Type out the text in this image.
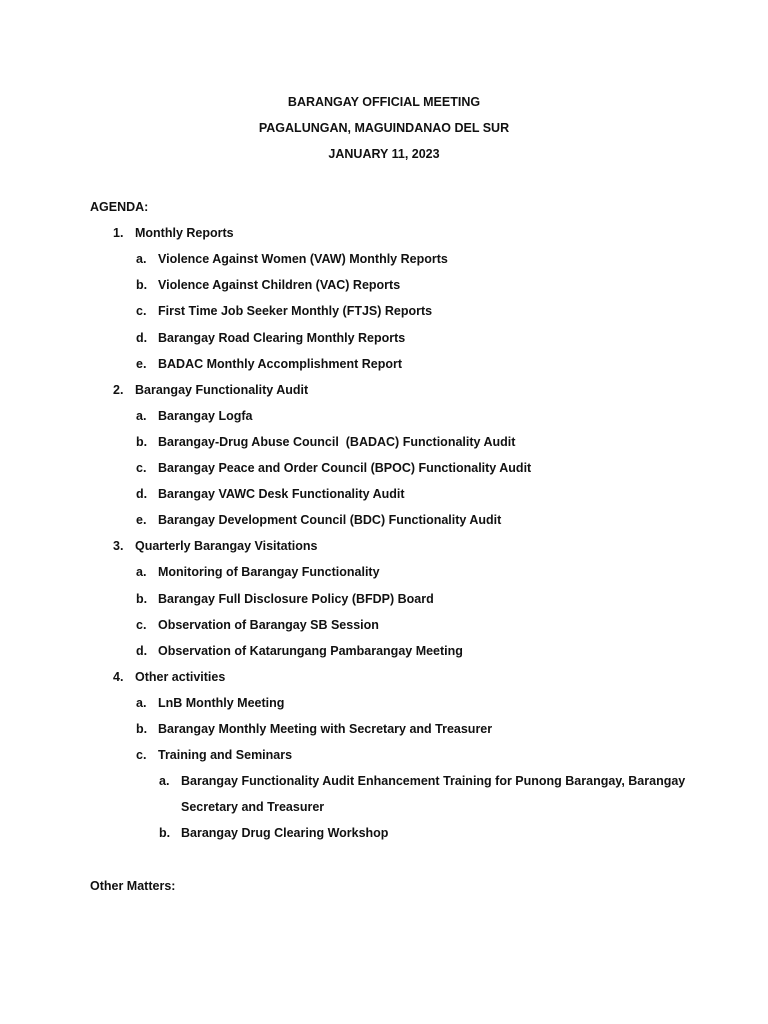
BARANGAY OFFICIAL MEETING
PAGALUNGAN, MAGUINDANAO DEL SUR
JANUARY 11, 2023
AGENDA:
1. Monthly Reports
a. Violence Against Women (VAW) Monthly Reports
b. Violence Against Children (VAC) Reports
c. First Time Job Seeker Monthly (FTJS) Reports
d. Barangay Road Clearing Monthly Reports
e. BADAC Monthly Accomplishment Report
2. Barangay Functionality Audit
a. Barangay Logfa
b. Barangay-Drug Abuse Council  (BADAC) Functionality Audit
c. Barangay Peace and Order Council (BPOC) Functionality Audit
d. Barangay VAWC Desk Functionality Audit
e. Barangay Development Council (BDC) Functionality Audit
3. Quarterly Barangay Visitations
a. Monitoring of Barangay Functionality
b. Barangay Full Disclosure Policy (BFDP) Board
c. Observation of Barangay SB Session
d. Observation of Katarungang Pambarangay Meeting
4. Other activities
a. LnB Monthly Meeting
b. Barangay Monthly Meeting with Secretary and Treasurer
c. Training and Seminars
a. Barangay Functionality Audit Enhancement Training for Punong Barangay, Barangay
Secretary and Treasurer
b. Barangay Drug Clearing Workshop
Other Matters:
